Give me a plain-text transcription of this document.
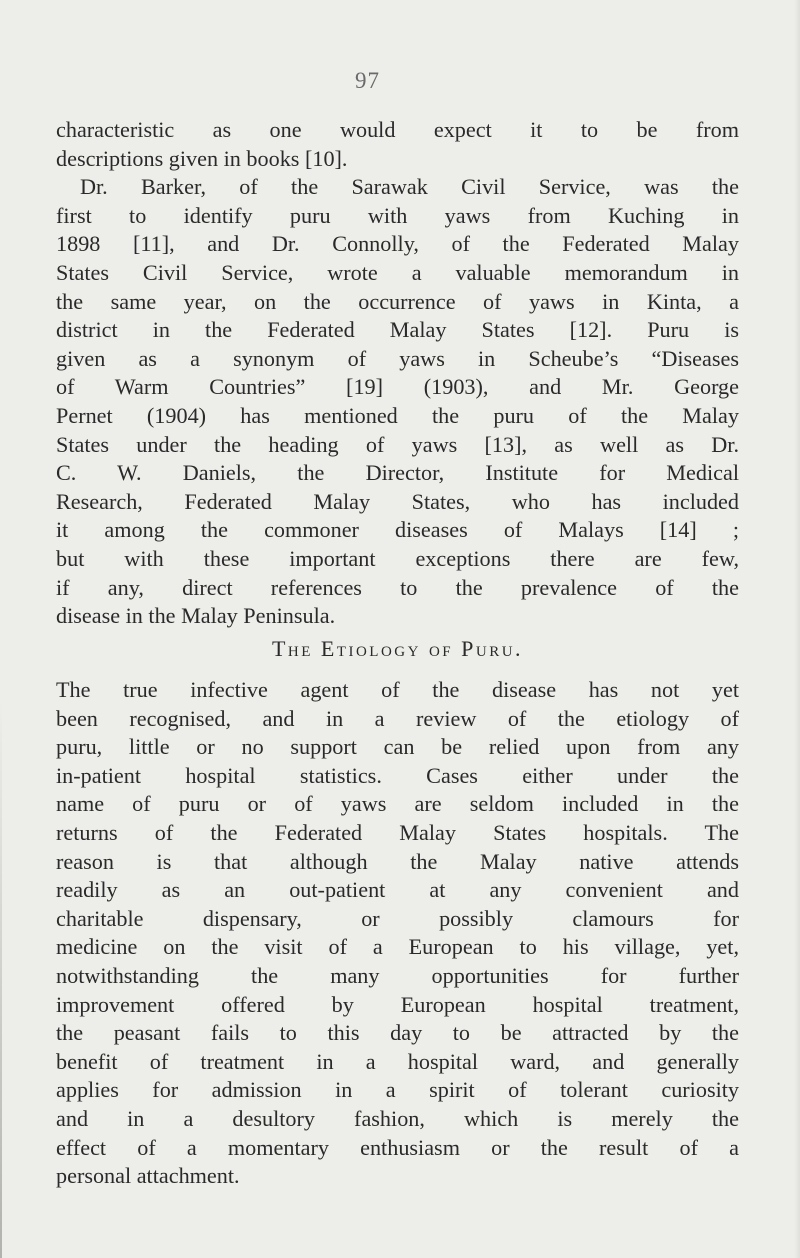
97
characteristic as one would expect it to be from
descriptions given in books [10].
Dr. Barker, of the Sarawak Civil Service, was the
first to identify puru with yaws from Kuching in
1898 [11], and Dr. Connolly, of the Federated Malay
States Civil Service, wrote a valuable memorandum in
the same year, on the occurrence of yaws in Kinta, a
district in the Federated Malay States [12]. Puru is
given as a synonym of yaws in Scheube’s “Diseases
of Warm Countries” [19] (1903), and Mr. George
Pernet (1904) has mentioned the puru of the Malay
States under the heading of yaws [13], as well as Dr.
C. W. Daniels, the Director, Institute for Medical
Research, Federated Malay States, who has included
it among the commoner diseases of Malays [14] ;
but with these important exceptions there are few,
if any, direct references to the prevalence of the
disease in the Malay Peninsula.
The Etiology of Puru.
The true infective agent of the disease has not yet
been recognised, and in a review of the etiology of
puru, little or no support can be relied upon from any
in-patient hospital statistics. Cases either under the
name of puru or of yaws are seldom included in the
returns of the Federated Malay States hospitals. The
reason is that although the Malay native attends
readily as an out-patient at any convenient and
charitable dispensary, or possibly clamours for
medicine on the visit of a European to his village, yet,
notwithstanding the many opportunities for further
improvement offered by European hospital treatment,
the peasant fails to this day to be attracted by the
benefit of treatment in a hospital ward, and generally
applies for admission in a spirit of tolerant curiosity
and in a desultory fashion, which is merely the
effect of a momentary enthusiasm or the result of a
personal attachment.
